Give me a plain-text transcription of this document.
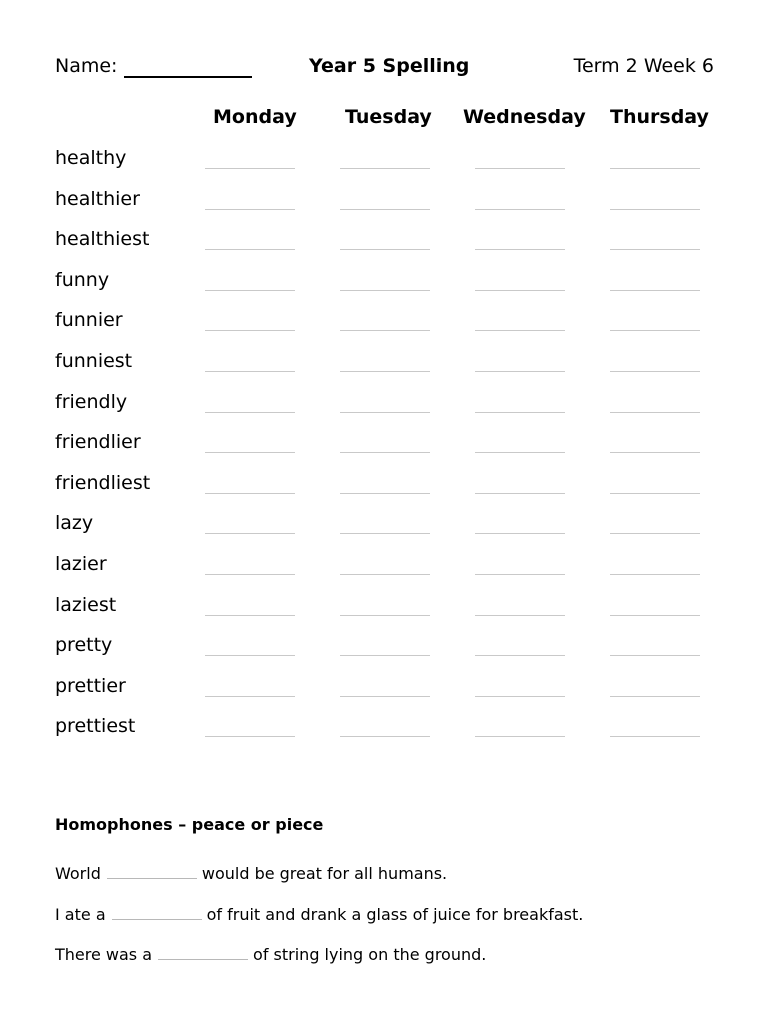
Name:	Year 5 Spelling	Term 2 Week 6
Monday	Tuesday Wednesday Thursday
healthy
healthier
healthiest
funny
funnier
funniest
friendly
friendlier
friendliest
lazy
lazier
laziest
pretty
prettier
prettiest
Homophones – peace or piece
World	would be great for all humans.
I ate a	of fruit and drank a glass of juice for breakfast.
There was a	of string lying on the ground.
